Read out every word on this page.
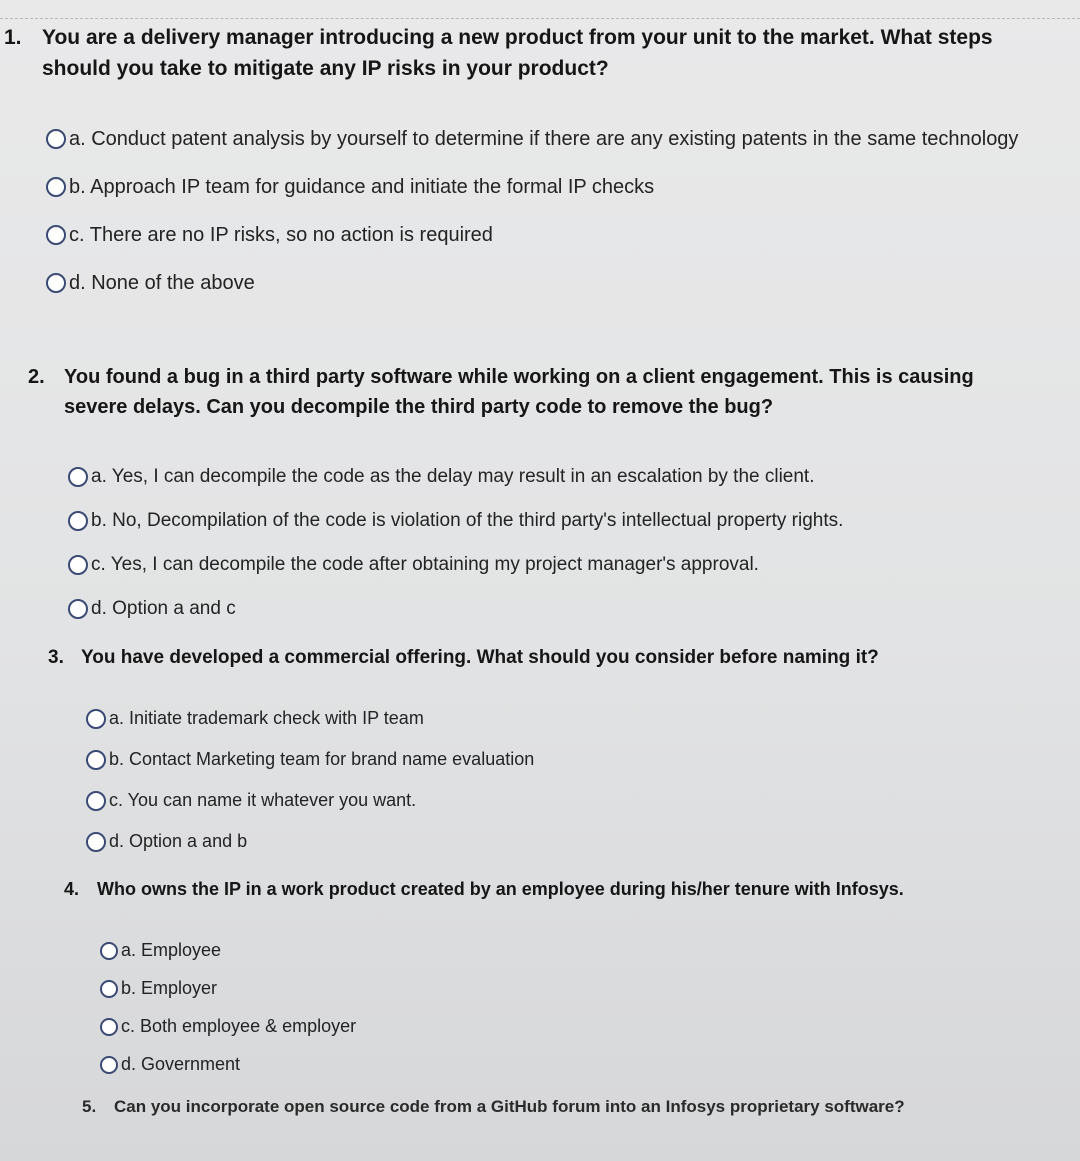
1. You are a delivery manager introducing a new product from your unit to the market. What steps should you take to mitigate any IP risks in your product?

a. Conduct patent analysis by yourself to determine if there are any existing patents in the same technology
b. Approach IP team for guidance and initiate the formal IP checks
c. There are no IP risks, so no action is required
d. None of the above

2. You found a bug in a third party software while working on a client engagement. This is causing severe delays. Can you decompile the third party code to remove the bug?

a. Yes, I can decompile the code as the delay may result in an escalation by the client.
b. No, Decompilation of the code is violation of the third party's intellectual property rights.
c. Yes, I can decompile the code after obtaining my project manager's approval.
d. Option a and c

3. You have developed a commercial offering. What should you consider before naming it?

a. Initiate trademark check with IP team
b. Contact Marketing team for brand name evaluation
c. You can name it whatever you want.
d. Option a and b

4. Who owns the IP in a work product created by an employee during his/her tenure with Infosys.

a. Employee
b. Employer
c. Both employee & employer
d. Government

5.	Can you incorporate open source code from a GitHub forum into an Infosys proprietary software?
